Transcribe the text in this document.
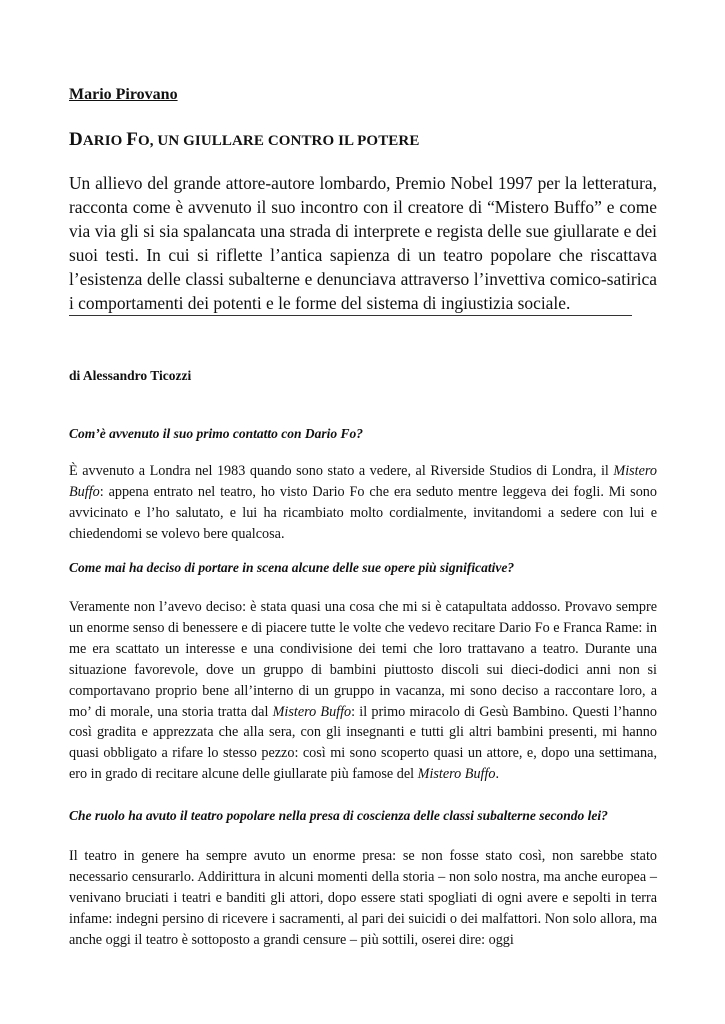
Mario Pirovano
DARIO FO, UN GIULLARE CONTRO IL POTERE

Un allievo del grande attore-autore lombardo, Premio Nobel 1997 per la letteratura, racconta come è avvenuto il suo incontro con il creatore di “Mistero Buffo” e come via via gli si sia spalancata una strada di interprete e regista delle sue giullarate e dei suoi testi. In cui si riflette l’antica sapienza di un teatro popolare che riscattava l’esistenza delle classi subalterne e denunciava attraverso l’invettiva comico-satirica i comportamenti dei potenti e le forme del sistema di ingiustizia sociale.

di Alessandro Ticozzi

Com’è avvenuto il suo primo contatto con Dario Fo?

È avvenuto a Londra nel 1983 quando sono stato a vedere, al Riverside Studios di Londra, il Mistero Buffo: appena entrato nel teatro, ho visto Dario Fo che era seduto mentre leggeva dei fogli. Mi sono avvicinato e l’ho salutato, e lui ha ricambiato molto cordialmente, invitandomi a sedere con lui e chiedendomi se volevo bere qualcosa.

Come mai ha deciso di portare in scena alcune delle sue opere più significative?

Veramente non l’avevo deciso: è stata quasi una cosa che mi si è catapultata addosso. Provavo sempre un enorme senso di benessere e di piacere tutte le volte che vedevo recitare Dario Fo e Franca Rame: in me era scattato un interesse e una condivisione dei temi che loro trattavano a teatro. Durante una situazione favorevole, dove un gruppo di bambini piuttosto discoli sui dieci-dodici anni non si comportavano proprio bene all’interno di un gruppo in vacanza, mi sono deciso a raccontare loro, a mo’ di morale, una storia tratta dal Mistero Buffo: il primo miracolo di Gesù Bambino. Questi l’hanno così gradita e apprezzata che alla sera, con gli insegnanti e tutti gli altri bambini presenti, mi hanno quasi obbligato a rifare lo stesso pezzo: così mi sono scoperto quasi un attore, e, dopo una settimana, ero in grado di recitare alcune delle giullarate più famose del Mistero Buffo.

Che ruolo ha avuto il teatro popolare nella presa di coscienza delle classi subalterne secondo lei?

Il teatro in genere ha sempre avuto un enorme presa: se non fosse stato così, non sarebbe stato necessario censurarlo. Addirittura in alcuni momenti della storia – non solo nostra, ma anche europea – venivano bruciati i teatri e banditi gli attori, dopo essere stati spogliati di ogni avere e sepolti in terra infame: indegni persino di ricevere i sacramenti, al pari dei suicidi o dei malfattori. Non solo allora, ma anche oggi il teatro è sottoposto a grandi censure – più sottili, oserei dire: oggi
